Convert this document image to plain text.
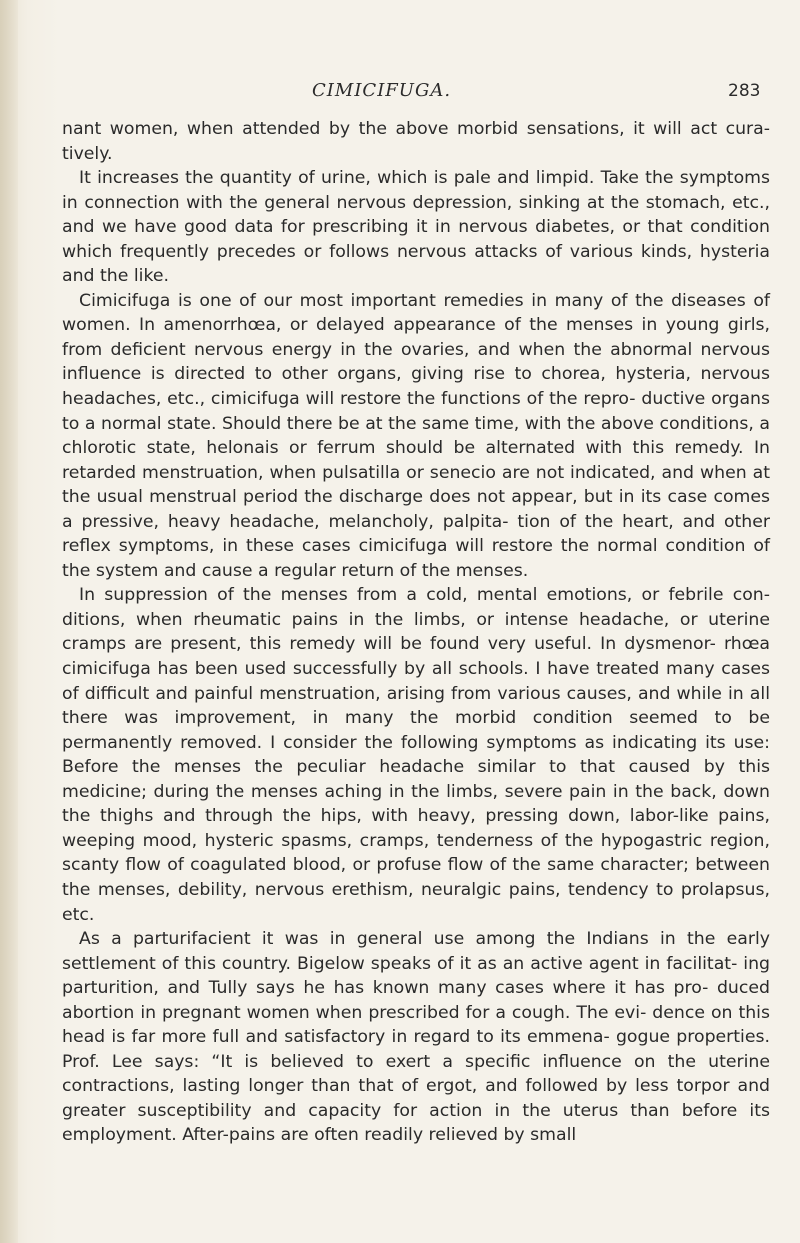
CIMICIFUGA.	283

nant women, when attended by the above morbid sensations, it will act cura- tively.

It increases the quantity of urine, which is pale and limpid. Take the symptoms in connection with the general nervous depression, sinking at the stomach, etc., and we have good data for prescribing it in nervous diabetes, or that condition which frequently precedes or follows nervous attacks of various kinds, hysteria and the like.

Cimicifuga is one of our most important remedies in many of the diseases of women. In amenorrhœa, or delayed appearance of the menses in young girls, from deficient nervous energy in the ovaries, and when the abnormal nervous influence is directed to other organs, giving rise to chorea, hysteria, nervous headaches, etc., cimicifuga will restore the functions of the repro- ductive organs to a normal state. Should there be at the same time, with the above conditions, a chlorotic state, helonais or ferrum should be alternated with this remedy. In retarded menstruation, when pulsatilla or senecio are not indicated, and when at the usual menstrual period the discharge does not appear, but in its case comes a pressive, heavy headache, melancholy, palpita- tion of the heart, and other reflex symptoms, in these cases cimicifuga will restore the normal condition of the system and cause a regular return of the menses.

In suppression of the menses from a cold, mental emotions, or febrile con- ditions, when rheumatic pains in the limbs, or intense headache, or uterine cramps are present, this remedy will be found very useful. In dysmenor- rhœa cimicifuga has been used successfully by all schools. I have treated many cases of difficult and painful menstruation, arising from various causes, and while in all there was improvement, in many the morbid condition seemed to be permanently removed. I consider the following symptoms as indicating its use: Before the menses the peculiar headache similar to that caused by this medicine; during the menses aching in the limbs, severe pain in the back, down the thighs and through the hips, with heavy, pressing down, labor-like pains, weeping mood, hysteric spasms, cramps, tenderness of the hypogastric region, scanty flow of coagulated blood, or profuse flow of the same character; between the menses, debility, nervous erethism, neuralgic pains, tendency to prolapsus, etc.

As a parturifacient it was in general use among the Indians in the early settlement of this country. Bigelow speaks of it as an active agent in facilitat- ing parturition, and Tully says he has known many cases where it has pro- duced abortion in pregnant women when prescribed for a cough. The evi- dence on this head is far more full and satisfactory in regard to its emmena- gogue properties. Prof. Lee says: “It is believed to exert a specific influence on the uterine contractions, lasting longer than that of ergot, and followed by less torpor and greater susceptibility and capacity for action in the uterus than before its employment. After-pains are often readily relieved by small
